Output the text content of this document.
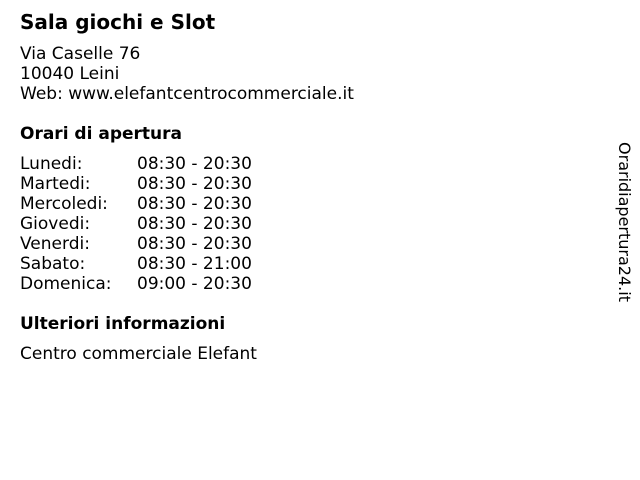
Sala giochi e Slot
Via Caselle 76
10040 Leini
Web: www.elefantcentrocommerciale.it
Orari di apertura
Lunedi:	08:30 - 20:30
Martedi:	08:30 - 20:30
Mercoledi:	08:30 - 20:30
Giovedi:	08:30 - 20:30
Venerdi:	08:30 - 20:30
Sabato:	08:30 - 21:00
Domenica:	09:00 - 20:30
Ulteriori informazioni
Centro commerciale Elefant
Oraridiapertura24.it
